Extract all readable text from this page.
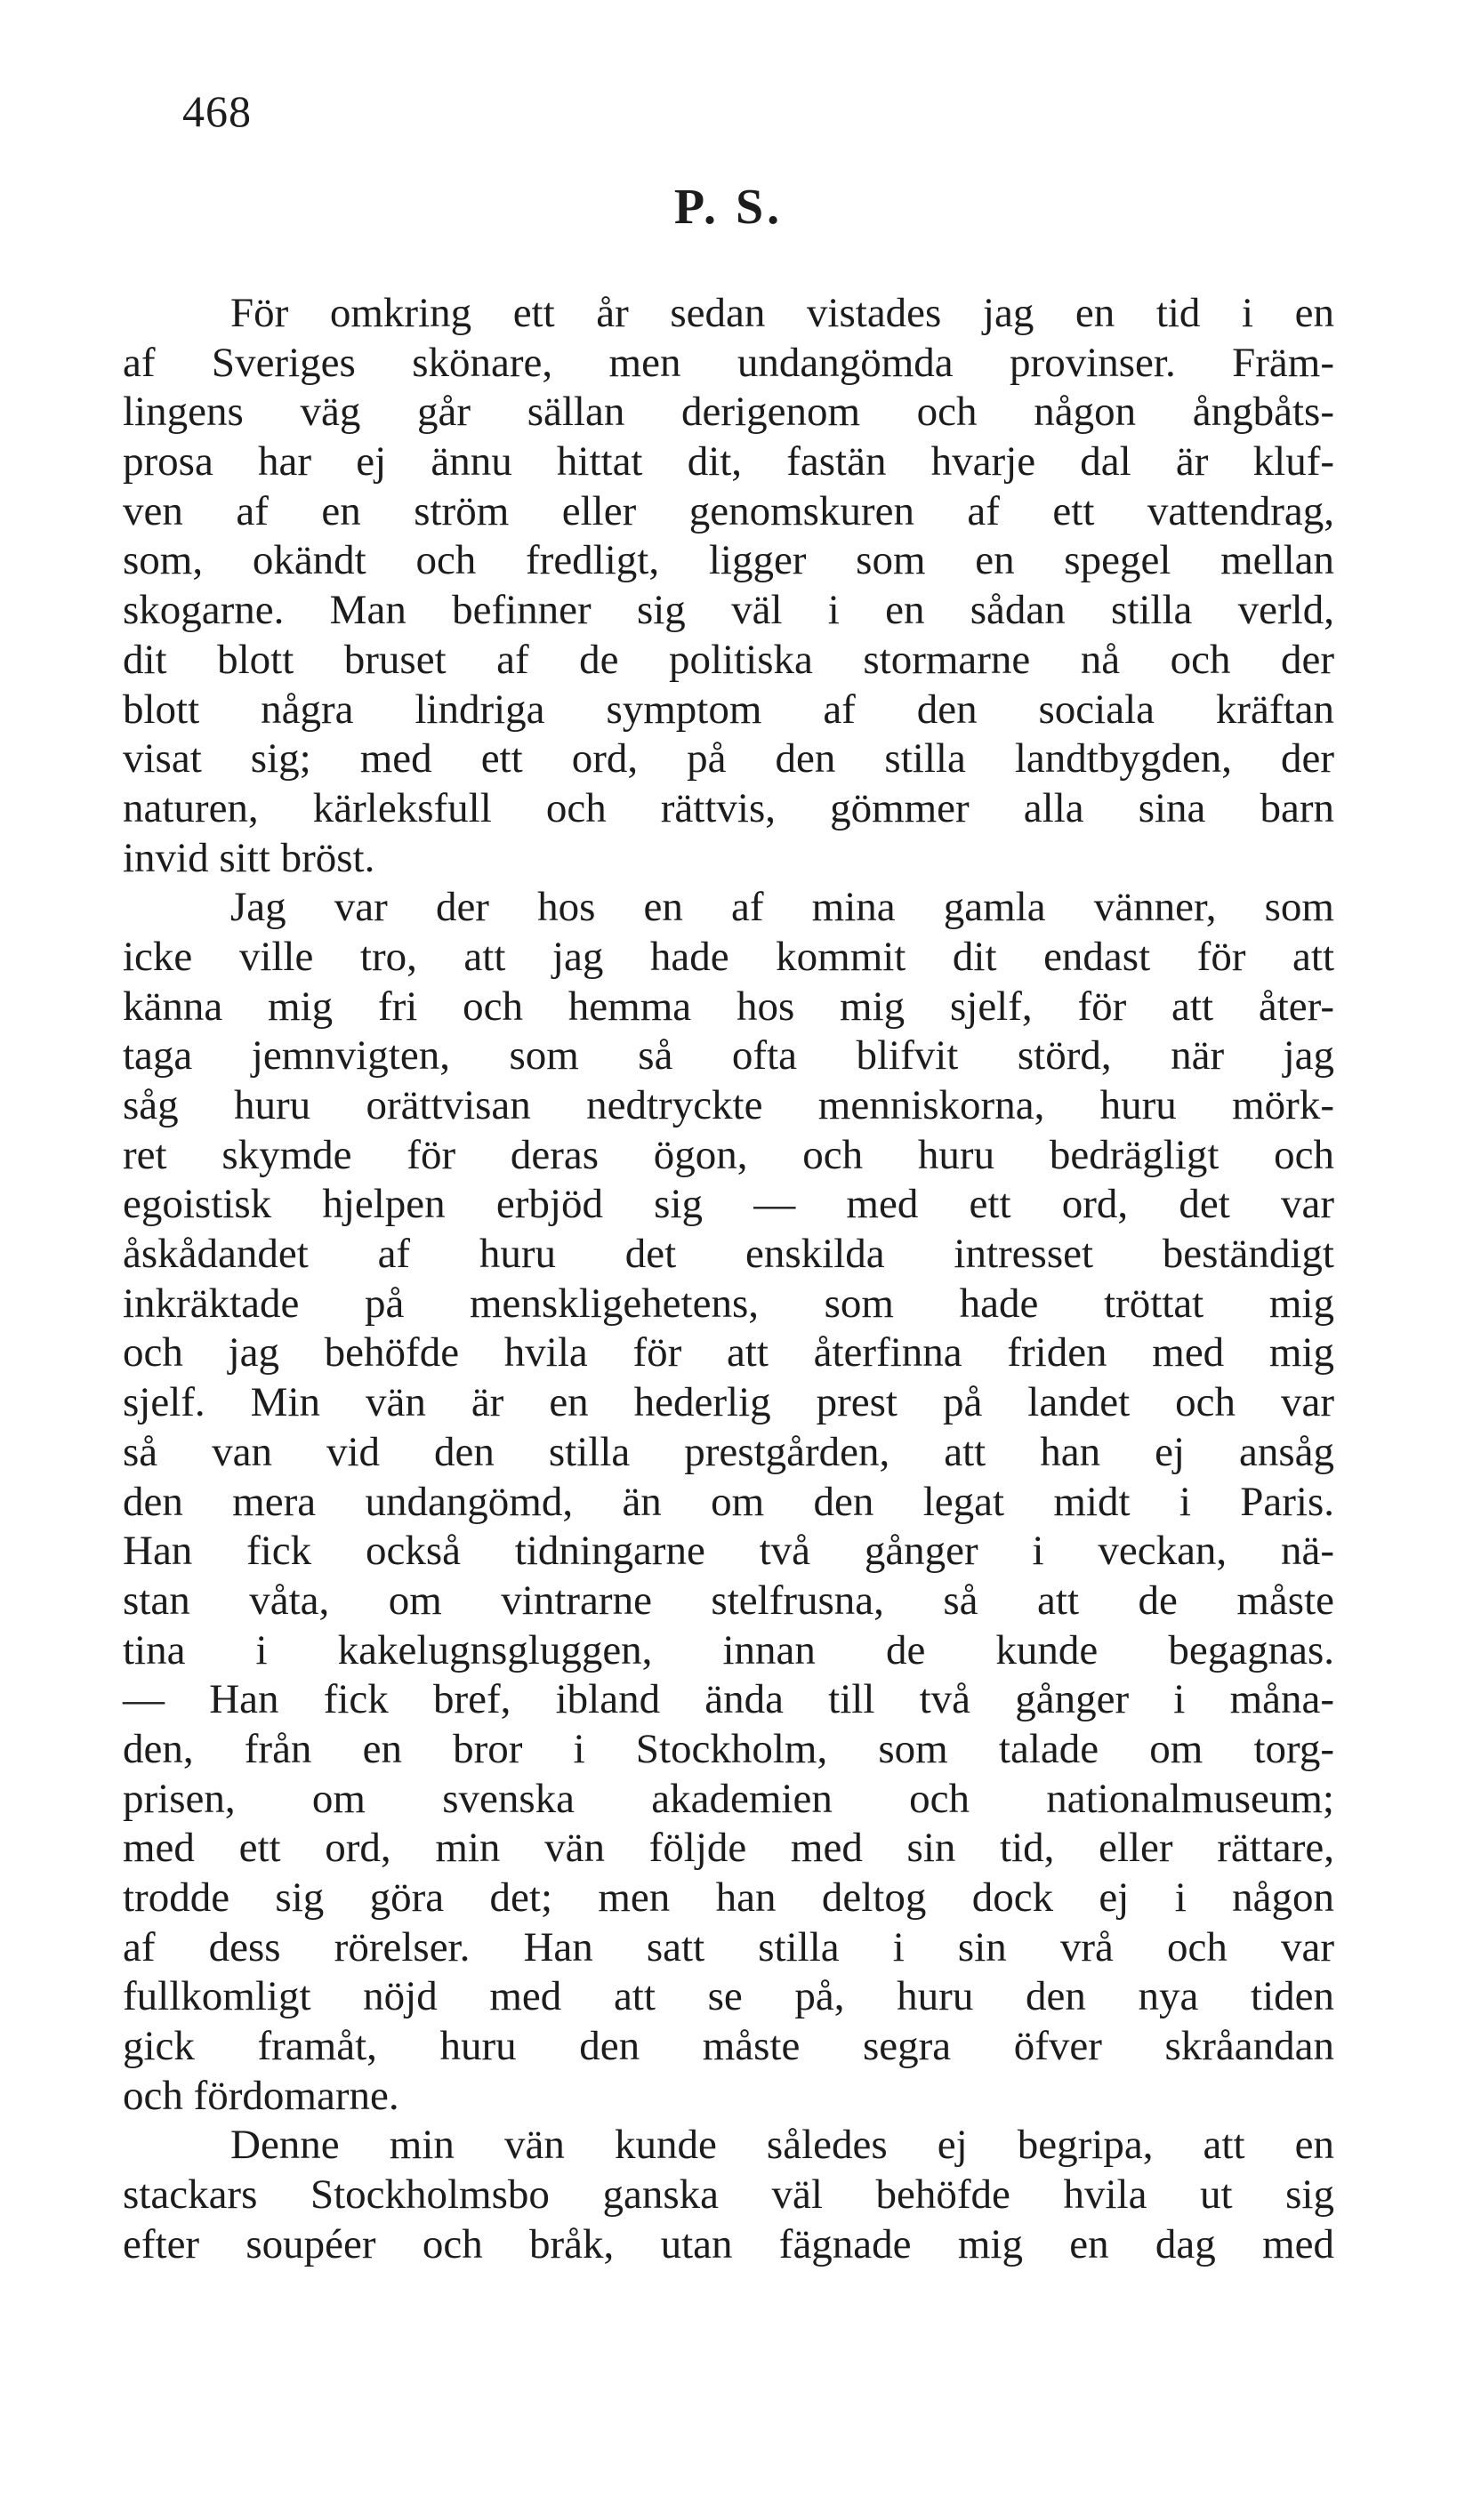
468
P. S.
För omkring ett år sedan vistades jag en tid i en
af Sveriges skönare, men undangömda provinser. Främ-
lingens väg går sällan derigenom och någon ångbåts-
prosa har ej ännu hittat dit, fastän hvarje dal är kluf-
ven af en ström eller genomskuren af ett vattendrag,
som, okändt och fredligt, ligger som en spegel mellan
skogarne. Man befinner sig väl i en sådan stilla verld,
dit blott bruset af de politiska stormarne nå och der
blott några lindriga symptom af den sociala kräftan
visat sig; med ett ord, på den stilla landtbygden, der
naturen, kärleksfull och rättvis, gömmer alla sina barn
invid sitt bröst.
Jag var der hos en af mina gamla vänner, som
icke ville tro, att jag hade kommit dit endast för att
känna mig fri och hemma hos mig sjelf, för att åter-
taga jemnvigten, som så ofta blifvit störd, när jag
såg huru orättvisan nedtryckte menniskorna, huru mörk-
ret skymde för deras ögon, och huru bedrägligt och
egoistisk hjelpen erbjöd sig — med ett ord, det var
åskådandet af huru det enskilda intresset beständigt
inkräktade på menskligehetens, som hade tröttat mig
och jag behöfde hvila för att återfinna friden med mig
sjelf. Min vän är en hederlig prest på landet och var
så van vid den stilla prestgården, att han ej ansåg
den mera undangömd, än om den legat midt i Paris.
Han fick också tidningarne två gånger i veckan, nä-
stan våta, om vintrarne stelfrusna, så att de måste
tina i kakelugnsgluggen, innan de kunde begagnas.
— Han fick bref, ibland ända till två gånger i måna-
den, från en bror i Stockholm, som talade om torg-
prisen, om svenska akademien och nationalmuseum;
med ett ord, min vän följde med sin tid, eller rättare,
trodde sig göra det; men han deltog dock ej i någon
af dess rörelser. Han satt stilla i sin vrå och var
fullkomligt nöjd med att se på, huru den nya tiden
gick framåt, huru den måste segra öfver skråandan
och fördomarne.
Denne min vän kunde således ej begripa, att en
stackars Stockholmsbo ganska väl behöfde hvila ut sig
efter soupéer och bråk, utan fägnade mig en dag med
